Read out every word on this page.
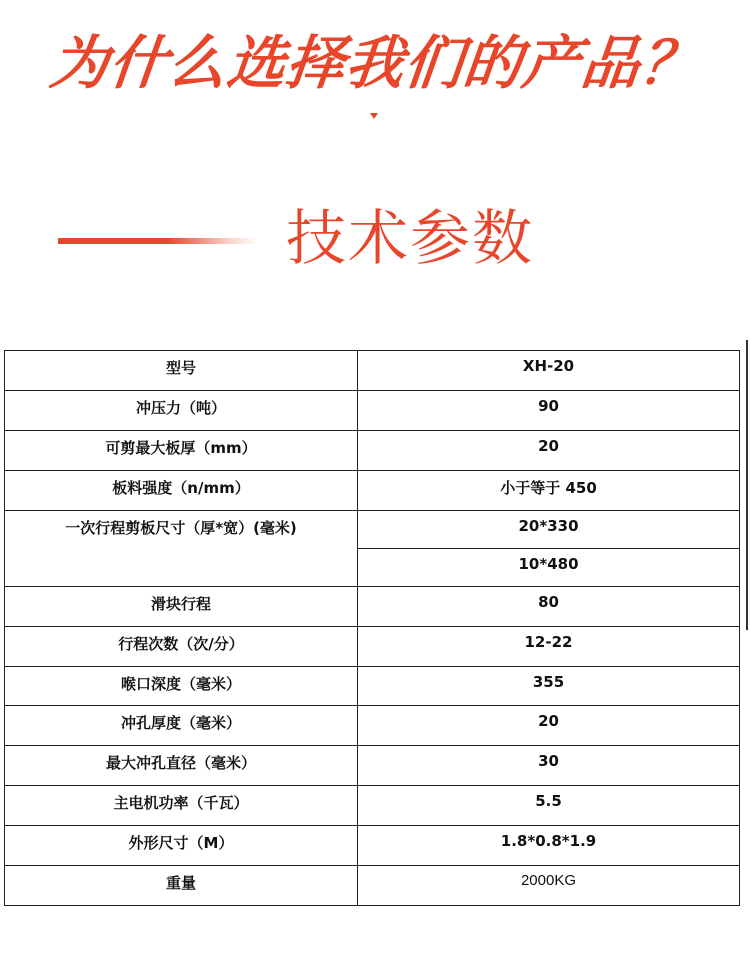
为什么选择我们的产品？
技术参数
型号	XH-20
冲压力（吨）	90
可剪最大板厚（mm）	20
板料强度（n/mm）	小于等于 450
一次行程剪板尺寸（厚*宽）(毫米)	20*330
	10*480
滑块行程	80
行程次数（次/分）	12-22
喉口深度（毫米）	355
冲孔厚度（毫米）	20
最大冲孔直径（毫米）	30
主电机功率（千瓦）	5.5
外形尺寸（M）	1.8*0.8*1.9
重量	2000KG
